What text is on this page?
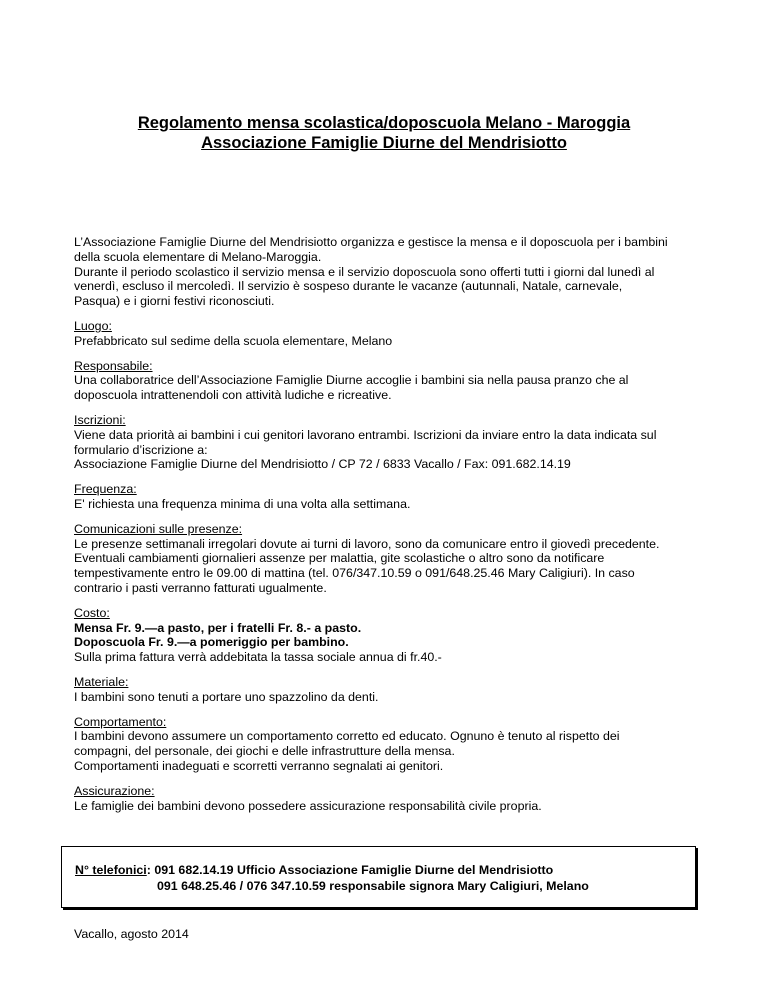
Regolamento mensa scolastica/doposcuola Melano - Maroggia
Associazione Famiglie Diurne del Mendrisiotto
L’Associazione Famiglie Diurne del Mendrisiotto organizza e gestisce la mensa e il doposcuola per i bambini
della scuola elementare di Melano-Maroggia.
Durante il periodo scolastico il servizio mensa e il servizio doposcuola sono offerti tutti i giorni dal lunedì al
venerdì, escluso il mercoledì. Il servizio è sospeso durante le vacanze (autunnali, Natale, carnevale,
Pasqua) e i giorni festivi riconosciuti.
Luogo:
Prefabbricato sul sedime della scuola elementare, Melano
Responsabile:
Una collaboratrice dell’Associazione Famiglie Diurne accoglie i bambini sia nella pausa pranzo che al
doposcuola intrattenendoli con attività ludiche e ricreative.
Iscrizioni:
Viene data priorità ai bambini i cui genitori lavorano entrambi. Iscrizioni da inviare entro la data indicata sul
formulario d’iscrizione a:
Associazione Famiglie Diurne del Mendrisiotto / CP 72 / 6833 Vacallo / Fax: 091.682.14.19
Frequenza:
E' richiesta una frequenza minima di una volta alla settimana.
Comunicazioni sulle presenze:
Le presenze settimanali irregolari dovute ai turni di lavoro, sono da comunicare entro il giovedì precedente.
Eventuali cambiamenti giornalieri assenze per malattia, gite scolastiche o altro sono da notificare
tempestivamente entro le 09.00 di mattina (tel. 076/347.10.59 o 091/648.25.46 Mary Caligiuri). In caso
contrario i pasti verranno fatturati ugualmente.
Costo:
Mensa Fr. 9.—a pasto, per i fratelli Fr. 8.- a pasto.
Doposcuola Fr. 9.—a pomeriggio per bambino.
Sulla prima fattura verrà addebitata la tassa sociale annua di fr.40.-
Materiale:
I bambini sono tenuti a portare uno spazzolino da denti.
Comportamento:
I bambini devono assumere un comportamento corretto ed educato. Ognuno è tenuto al rispetto dei
compagni, del personale, dei giochi e delle infrastrutture della mensa.
Comportamenti inadeguati e scorretti verranno segnalati ai genitori.
Assicurazione:
Le famiglie dei bambini devono possedere assicurazione responsabilità civile propria.
N° telefonici: 091 682.14.19 Ufficio Associazione Famiglie Diurne del Mendrisiotto
091 648.25.46 / 076 347.10.59 responsabile signora Mary Caligiuri, Melano
Vacallo, agosto 2014
